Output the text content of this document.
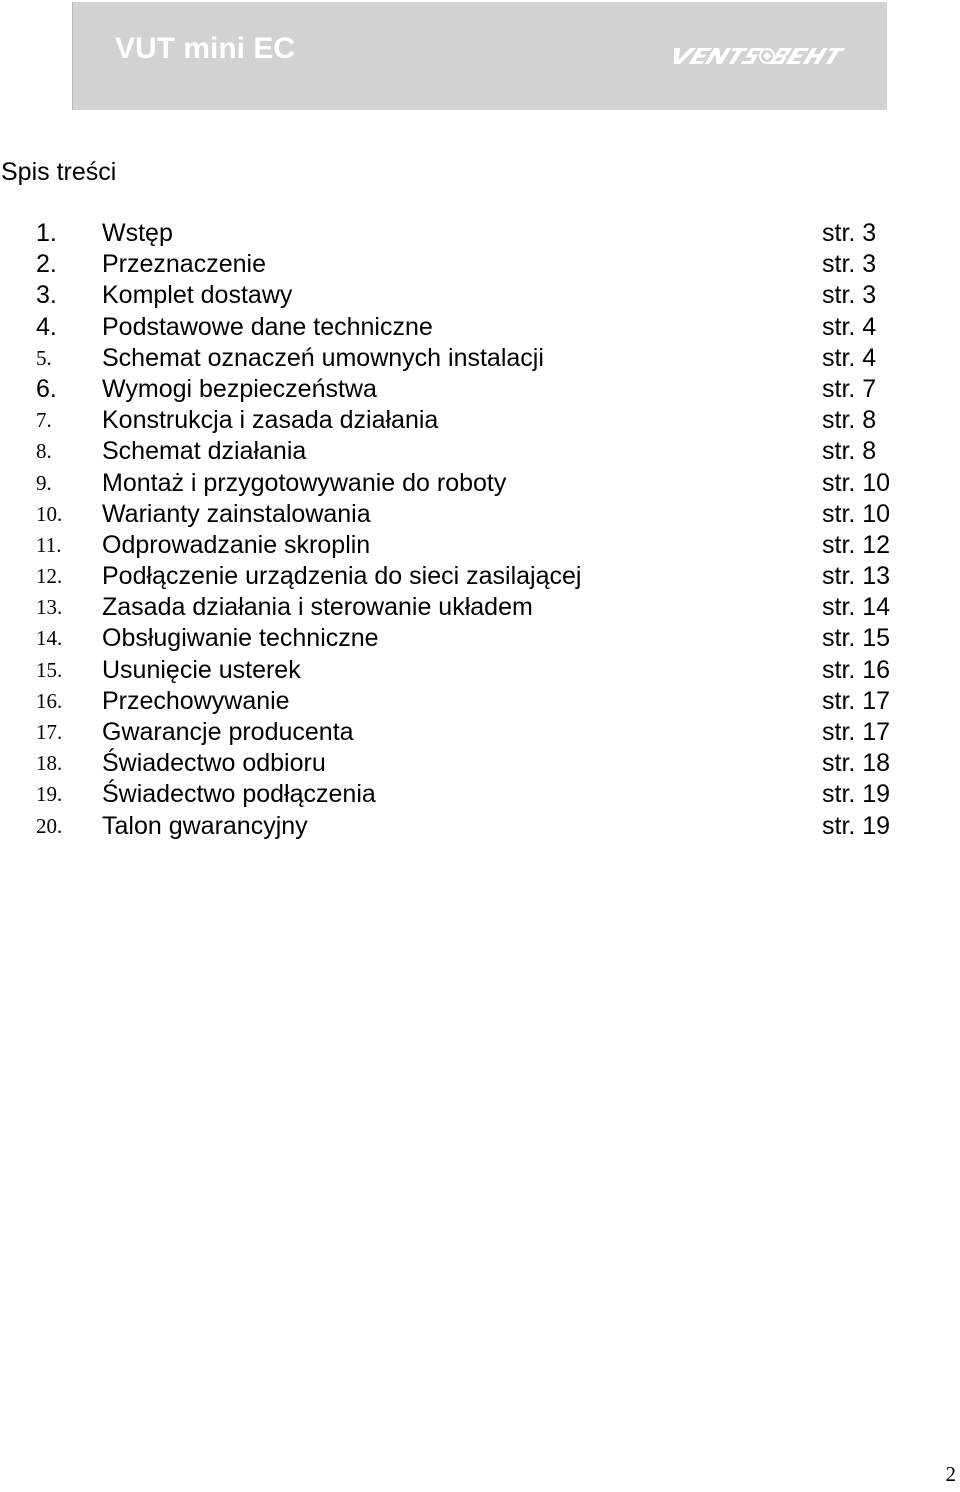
VUT mini EC
Spis treści
1. Wstęp	str. 3
2. Przeznaczenie	str. 3
3. Komplet dostawy	str. 3
4. Podstawowe dane techniczne	str. 4
5. Schemat oznaczeń umownych instalacji	str. 4
6. Wymogi bezpieczeństwa	str. 7
7. Konstrukcja i zasada działania	str. 8
8. Schemat działania	str. 8
9. Montaż i przygotowywanie do roboty	str. 10
10. Warianty zainstalowania	str. 10
11. Odprowadzanie skroplin	str. 12
12. Podłączenie urządzenia do sieci zasilającej	str. 13
13. Zasada działania i sterowanie układem	str. 14
14. Obsługiwanie techniczne	str. 15
15. Usunięcie usterek	str. 16
16. Przechowywanie	str. 17
17. Gwarancje producenta	str. 17
18. Świadectwo odbioru	str. 18
19. Świadectwo podłączenia	str. 19
20. Talon gwarancyjny	str. 19
2
